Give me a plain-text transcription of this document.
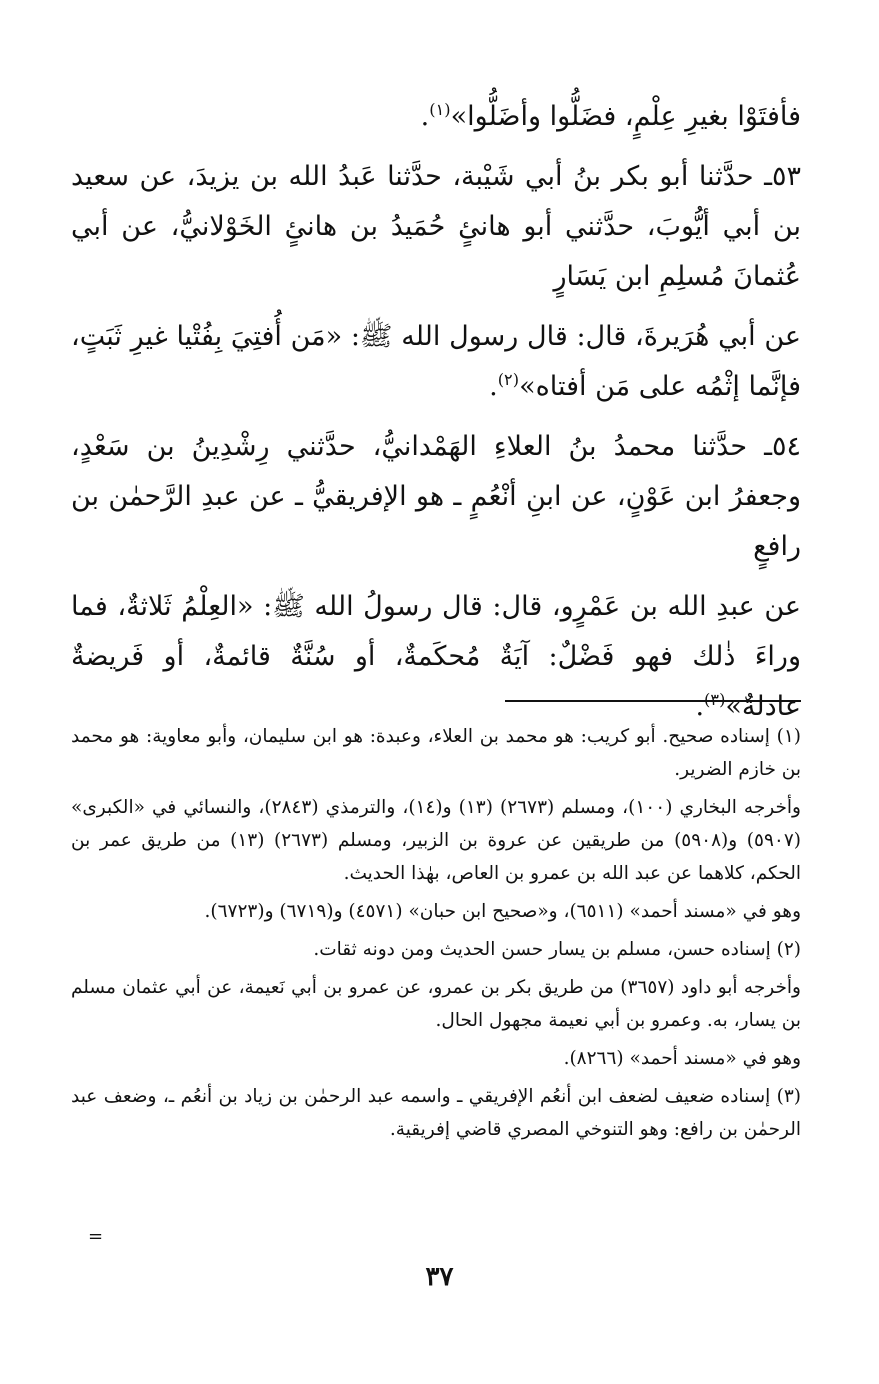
فأفتَوْا بغيرِ عِلْمٍ، فضَلُّوا وأضَلُّوا»$^{(١)}$.

٥٣ـ حدَّثنا أبو بكر بنُ أبي شَيْبة، حدَّثنا عَبدُ الله بن يزيدَ، عن سعيد بن أبي أيُّوبَ، حدَّثني أبو هانئٍ حُمَيدُ بن هانئٍ الخَوْلانيُّ، عن أبي عُثمانَ مُسلِمِ ابن يَسَارٍ

عن أبي هُرَيرةَ، قال: قال رسول الله ﷺ: «مَن أُفتِيَ بِفُتْيا غيرِ ثَبَتٍ، فإنَّما إثْمُه على مَن أفتاه»$^{(٢)}$.

٥٤ـ حدَّثنا محمدُ بنُ العلاءِ الهَمْدانيُّ، حدَّثني رِشْدِينُ بن سَعْدٍ، وجعفرُ ابن عَوْنٍ، عن ابنِ أنْعُمٍ ـ هو الإفريقيُّ ـ عن عبدِ الرَّحمٰن بن رافعٍ

عن عبدِ الله بن عَمْرٍو، قال: قال رسولُ الله ﷺ: «العِلْمُ ثَلاثةٌ، فما وراءَ ذٰلك فهو فَضْلٌ: آيَةٌ مُحكَمةٌ، أو سُنَّةٌ قائمةٌ، أو فَريضةٌ عادلةٌ»$^{(٣)}$.

(١) إسناده صحيح. أبو كريب: هو محمد بن العلاء، وعبدة: هو ابن سليمان، وأبو معاوية: هو محمد بن خازم الضرير.

وأخرجه البخاري (١٠٠)، ومسلم (٢٦٧٣) (١٣) و(١٤)، والترمذي (٢٨٤٣)، والنسائي في «الكبرى» (٥٩٠٧) و(٥٩٠٨) من طريقين عن عروة بن الزبير، ومسلم (٢٦٧٣) (١٣) من طريق عمر بن الحكم، كلاهما عن عبد الله بن عمرو بن العاص، بهٰذا الحديث.

وهو في «مسند أحمد» (٦٥١١)، و«صحيح ابن حبان» (٤٥٧١) و(٦٧١٩) و(٦٧٢٣).

(٢) إسناده حسن، مسلم بن يسار حسن الحديث ومن دونه ثقات.

وأخرجه أبو داود (٣٦٥٧) من طريق بكر بن عمرو، عن عمرو بن أبي نَعيمة، عن أبي عثمان مسلم بن يسار، به. وعمرو بن أبي نعيمة مجهول الحال.

وهو في «مسند أحمد» (٨٢٦٦).

(٣) إسناده ضعيف لضعف ابن أنعُم الإفريقي ـ واسمه عبد الرحمٰن بن زياد بن أنعُم ـ، وضعف عبد الرحمٰن بن رافع: وهو التنوخي المصري قاضي إفريقية.

=
٣٧
